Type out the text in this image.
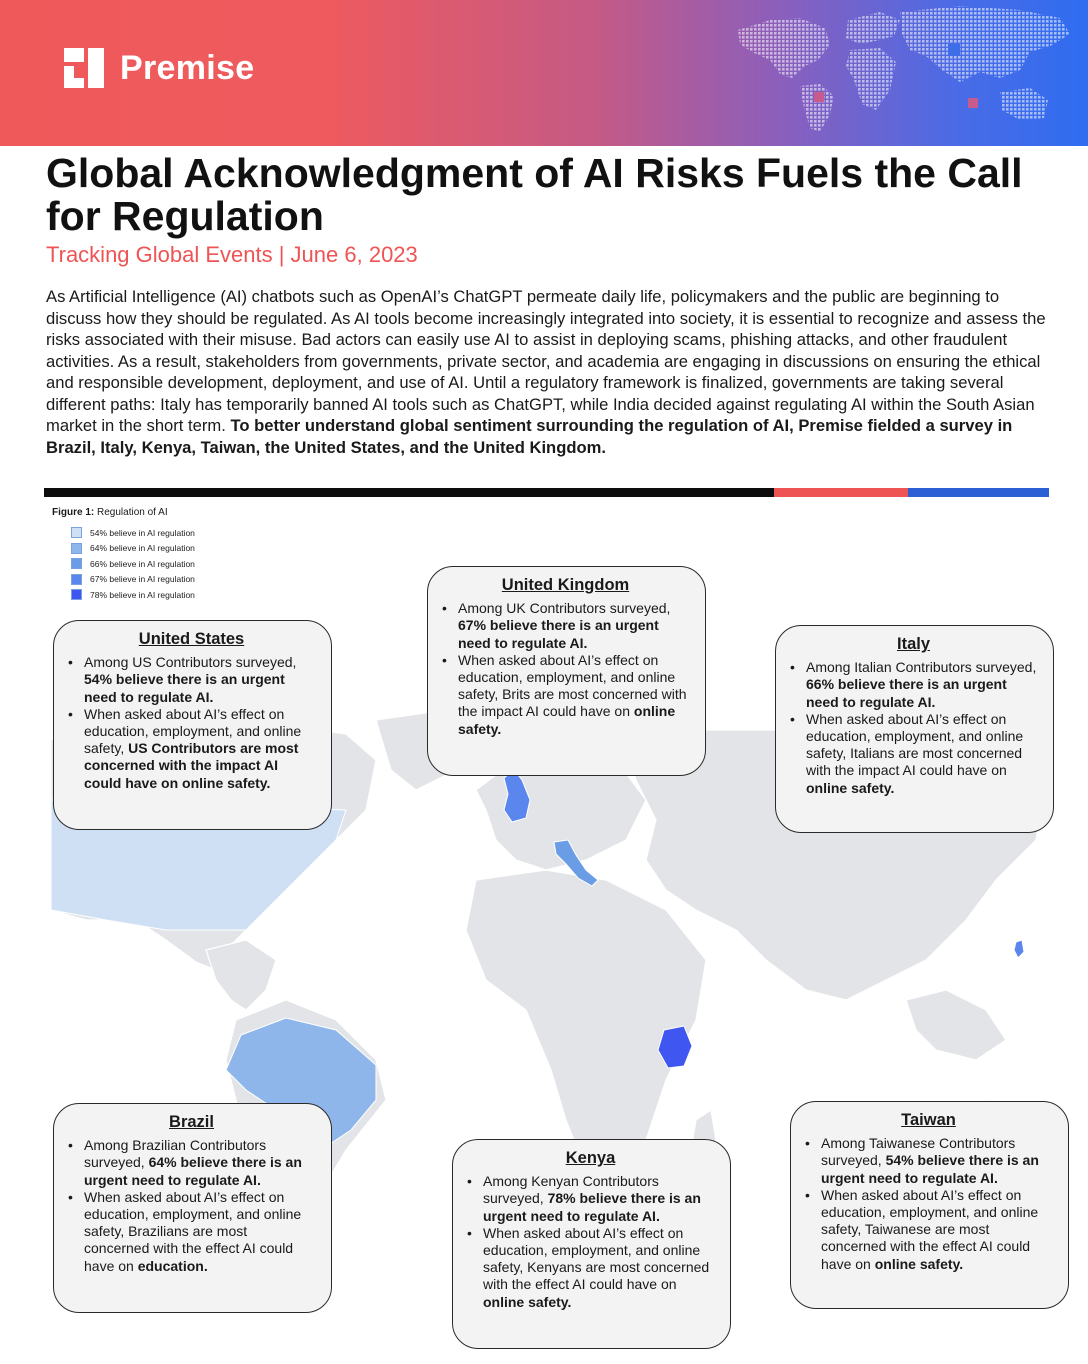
Premise
Global Acknowledgment of AI Risks Fuels the Call for Regulation
Tracking Global Events | June 6, 2023
As Artificial Intelligence (AI) chatbots such as OpenAI’s ChatGPT permeate daily life, policymakers and the public are beginning to discuss how they should be regulated. As AI tools become increasingly integrated into society, it is essential to recognize and assess the risks associated with their misuse. Bad actors can easily use AI to assist in deploying scams, phishing attacks, and other fraudulent activities. As a result, stakeholders from governments, private sector, and academia are engaging in discussions on ensuring the ethical and responsible development, deployment, and use of AI. Until a regulatory framework is finalized, governments are taking several different paths: Italy has temporarily banned AI tools such as ChatGPT, while India decided against regulating AI within the South Asian market in the short term. To better understand global sentiment surrounding the regulation of AI, Premise fielded a survey in Brazil, Italy, Kenya, Taiwan, the United States, and the United Kingdom.
Figure 1: Regulation of AI
54% believe in AI regulation
64% believe in AI regulation
66% believe in AI regulation
67% believe in AI regulation
78% believe in AI regulation
United States
• Among US Contributors surveyed, 54% believe there is an urgent need to regulate AI.
• When asked about AI’s effect on education, employment, and online safety, US Contributors are most concerned with the impact AI could have on online safety.
United Kingdom
• Among UK Contributors surveyed, 67% believe there is an urgent need to regulate AI.
• When asked about AI’s effect on education, employment, and online safety, Brits are most concerned with the impact AI could have on online safety.
Italy
• Among Italian Contributors surveyed, 66% believe there is an urgent need to regulate AI.
• When asked about AI’s effect on education, employment, and online safety, Italians are most concerned with the impact AI could have on online safety.
Brazil
• Among Brazilian Contributors surveyed, 64% believe there is an urgent need to regulate AI.
• When asked about AI’s effect on education, employment, and online safety, Brazilians are most concerned with the effect AI could have on education.
Kenya
• Among Kenyan Contributors surveyed, 78% believe there is an urgent need to regulate AI.
• When asked about AI’s effect on education, employment, and online safety, Kenyans are most concerned with the effect AI could have on online safety.
Taiwan
• Among Taiwanese Contributors surveyed, 54% believe there is an urgent need to regulate AI.
• When asked about AI’s effect on education, employment, and online safety, Taiwanese are most concerned with the effect AI could have on online safety.
